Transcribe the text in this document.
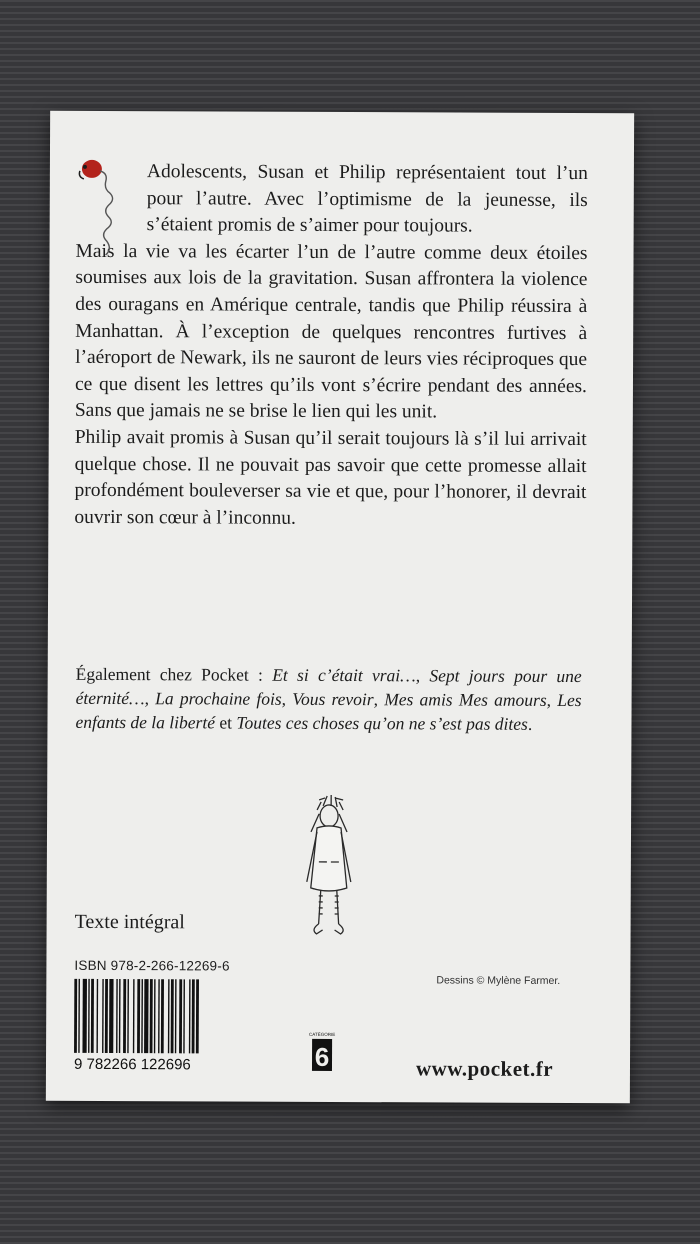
Adolescents, Susan et Philip représentaient tout l’un pour l’autre. Avec l’optimisme de la jeunesse, ils s’étaient promis de s’aimer pour toujours.

Mais la vie va les écarter l’un de l’autre comme deux étoiles soumises aux lois de la gravitation. Susan affrontera la violence des ouragans en Amérique centrale, tandis que Philip réussira à Manhattan. À l’exception de quelques rencontres furtives à l’aéroport de Newark, ils ne sauront de leurs vies réciproques que ce que disent les lettres qu’ils vont s’écrire pendant des années. Sans que jamais ne se brise le lien qui les unit.

Philip avait promis à Susan qu’il serait toujours là s’il lui arrivait quelque chose. Il ne pouvait pas savoir que cette promesse allait profondément bouleverser sa vie et que, pour l’honorer, il devrait ouvrir son cœur à l’inconnu.

Également chez Pocket : Et si c’était vrai…, Sept jours pour une éternité…, La prochaine fois, Vous revoir, Mes amis Mes amours, Les enfants de la liberté et Toutes ces choses qu’on ne s’est pas dites.
Texte intégral
ISBN 978-2-266-12269-6
9 782266 122696
Dessins © Mylène Farmer.
CATÉGORIE
6	www.pocket.fr
